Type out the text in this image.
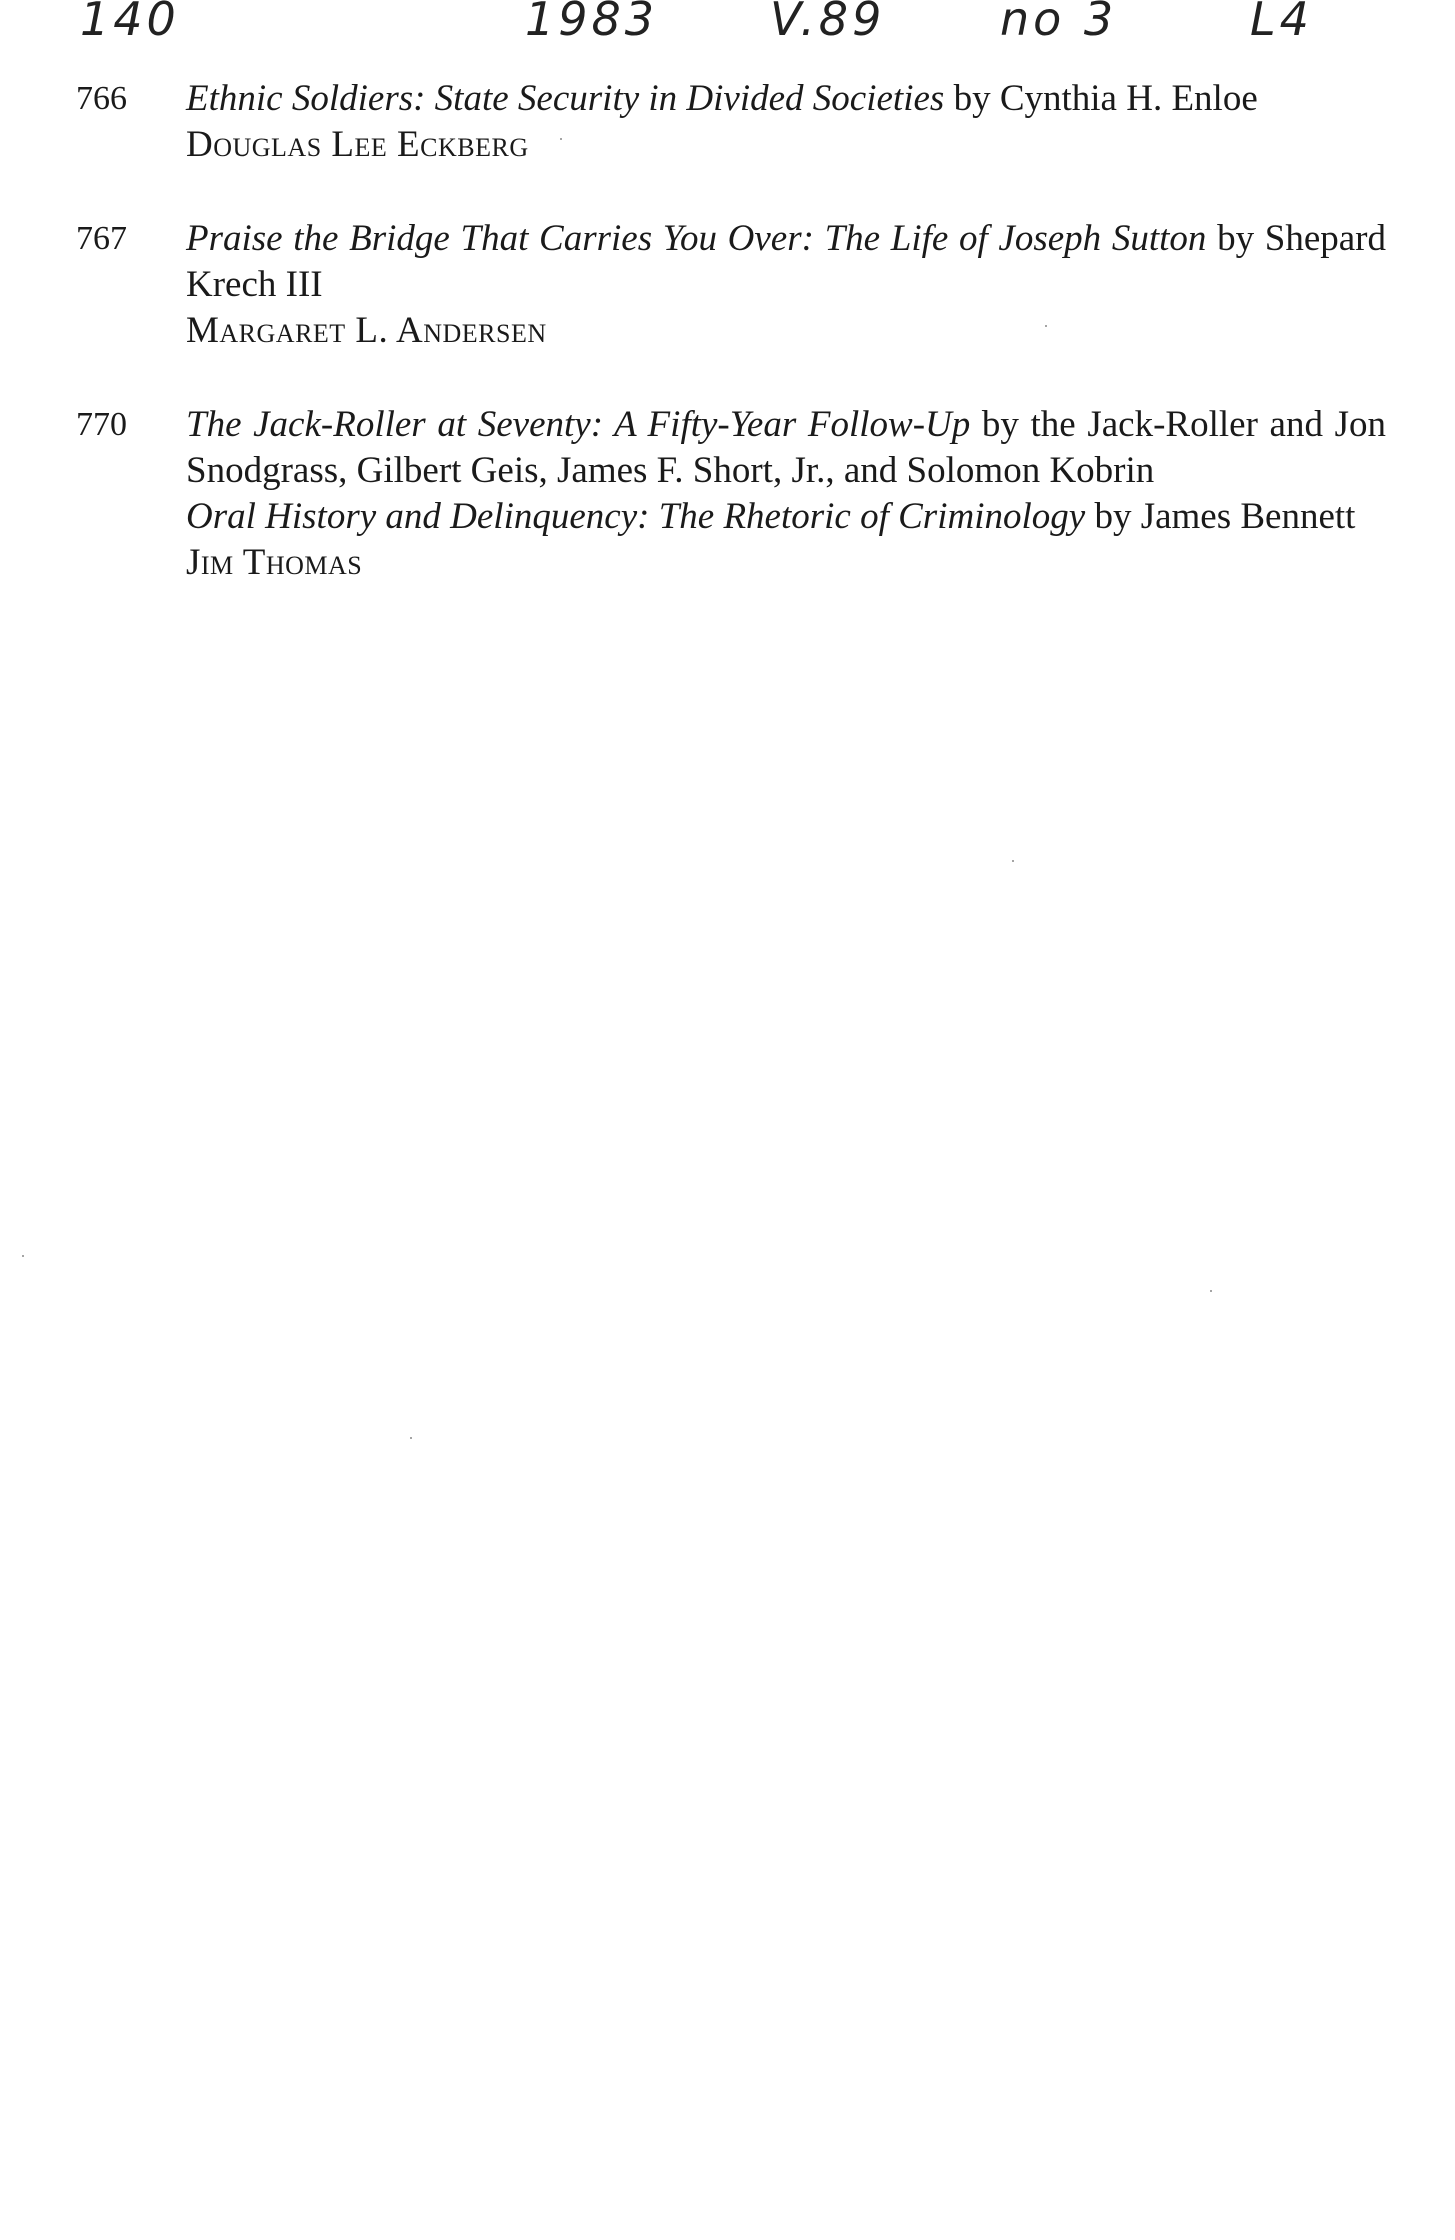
140	1983 V.89 no 3	L4
766	Ethnic Soldiers: State Security in Divided Societies by Cynthia H. Enloe

Douglas Lee Eckberg
767	Praise the Bridge That Carries You Over: The Life of Joseph Sutton by Shepard Krech III

Margaret L. Andersen
770	The Jack-Roller at Seventy: A Fifty-Year Follow-Up by the Jack-Roller and Jon Snodgrass, Gilbert Geis, James F. Short, Jr., and Solomon Kobrin

Oral History and Delinquency: The Rhetoric of Criminology by James Bennett

Jim Thomas
